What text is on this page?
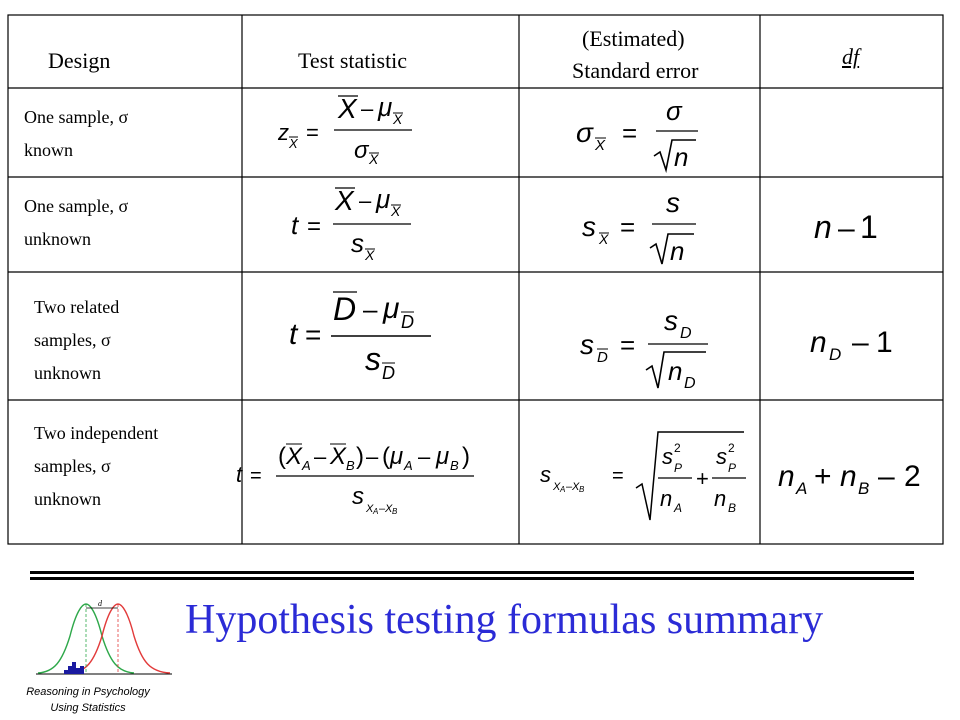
Design	Test statistic
(Estimated)
Standard error
df
One sample, σ
known
One sample, σ
unknown
Two related
samples, σ
unknown
Two independent
samples, σ
unknown
z X =
X – μ X
σ X
σ X =
σ
n
t =
X – μ X
s X
s X =
s
n
n – 1
t =
D – μ D
s D
s D =
s D
n D
n D – 1
t =
( X A – X B ) – ( μ A – μ B )
s X A – X B
s X A – X B
=
s P
2
n A
+
s P
2
n B
n A + n B – 2
d Hypothesis testing formulas summary
Reasoning in Psychology
Using Statistics
